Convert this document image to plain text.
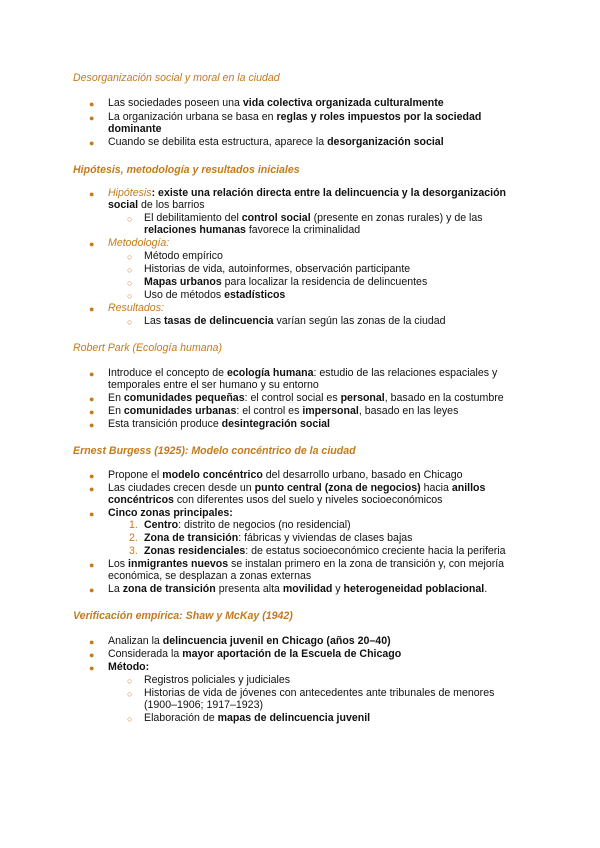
Desorganización social y moral en la ciudad
● Las sociedades poseen una vida colectiva organizada culturalmente
● La organización urbana se basa en reglas y roles impuestos por la sociedad
dominante
● Cuando se debilita esta estructura, aparece la desorganización social
Hipótesis, metodología y resultados iniciales
● Hipótesis: existe una relación directa entre la delincuencia y la desorganización
social de los barrios
○ El debilitamiento del control social (presente en zonas rurales) y de las
relaciones humanas favorece la criminalidad
● Metodología:
○ Método empírico
○ Historias de vida, autoinformes, observación participante
○ Mapas urbanos para localizar la residencia de delincuentes
○ Uso de métodos estadísticos
● Resultados:
○ Las tasas de delincuencia varían según las zonas de la ciudad
Robert Park (Ecología humana)
● Introduce el concepto de ecología humana: estudio de las relaciones espaciales y
temporales entre el ser humano y su entorno
● En comunidades pequeñas: el control social es personal, basado en la costumbre
● En comunidades urbanas: el control es impersonal, basado en las leyes
● Esta transición produce desintegración social
Ernest Burgess (1925): Modelo concéntrico de la ciudad
● Propone el modelo concéntrico del desarrollo urbano, basado en Chicago
● Las ciudades crecen desde un punto central (zona de negocios) hacia anillos
concéntricos con diferentes usos del suelo y niveles socioeconómicos
● Cinco zonas principales:
1. Centro: distrito de negocios (no residencial)
2. Zona de transición: fábricas y viviendas de clases bajas
3. Zonas residenciales: de estatus socioeconómico creciente hacia la periferia
● Los inmigrantes nuevos se instalan primero en la zona de transición y, con mejoría
económica, se desplazan a zonas externas
● La zona de transición presenta alta movilidad y heterogeneidad poblacional.
Verificación empírica: Shaw y McKay (1942)
● Analizan la delincuencia juvenil en Chicago (años 20–40)
● Considerada la mayor aportación de la Escuela de Chicago
● Método:
○ Registros policiales y judiciales
○ Historias de vida de jóvenes con antecedentes ante tribunales de menores
(1900–1906; 1917–1923)
○ Elaboración de mapas de delincuencia juvenil
